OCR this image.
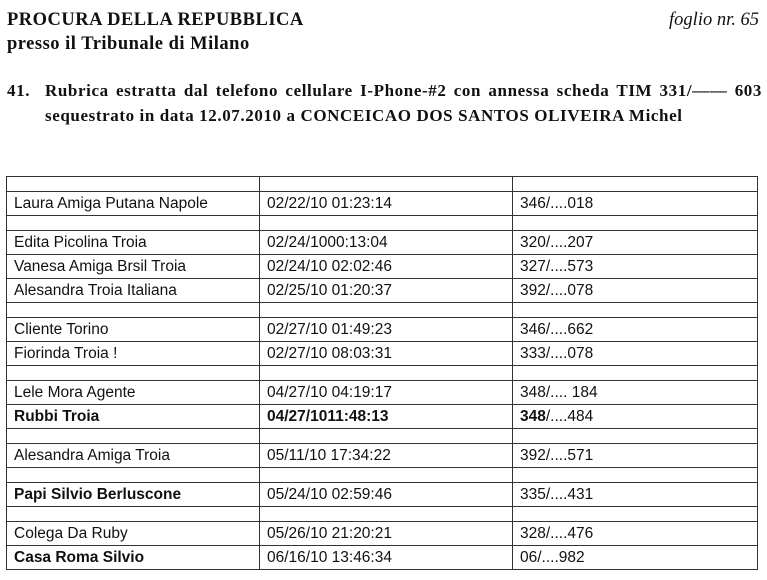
PROCURA DELLA REPUBBLICA
presso il Tribunale di Milano
foglio nr. 65
41. Rubrica estratta dal telefono cellulare I-Phone-#2 con annessa scheda TIM 331/—— 603 sequestrato in data 12.07.2010 a CONCEICAO DOS SANTOS OLIVEIRA Michel

Laura Amiga Putana Napole	02/22/10 01:23:14	346/....018

Edita Picolina Troia	02/24/1000:13:04	320/....207
Vanesa Amiga Brsil Troia	02/24/10 02:02:46	327/....573
Alesandra Troia Italiana	02/25/10 01:20:37	392/....078

Cliente Torino	02/27/10 01:49:23	346/....662
Fiorinda Troia !	02/27/10 08:03:31	333/....078

Lele Mora Agente	04/27/10 04:19:17	348/.... 184
Rubbi Troia	04/27/1011:48:13	348/....484

Alesandra Amiga Troia	05/11/10 17:34:22	392/....571

Papi Silvio Berluscone	05/24/10 02:59:46	335/....431

Colega Da Ruby	05/26/10 21:20:21	328/....476
Casa Roma Silvio	06/16/10 13:46:34	06/....982
